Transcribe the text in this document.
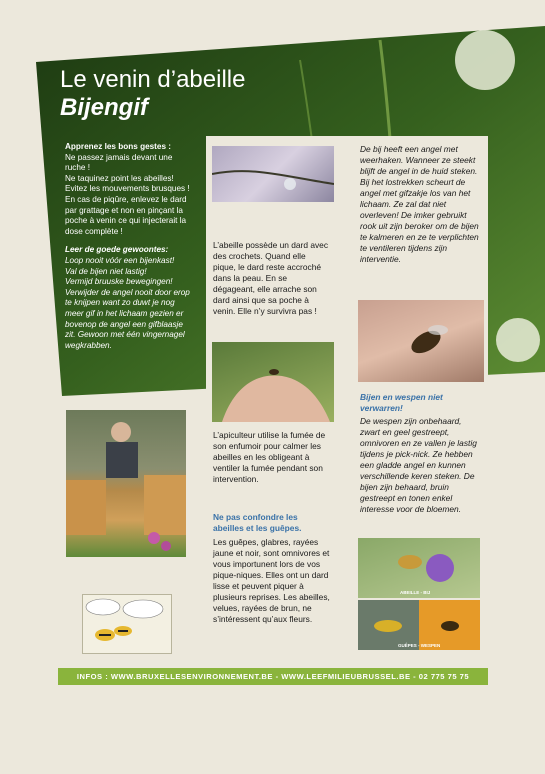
Le venin d’abeille
Bijengif

Apprenez les bons gestes :
Ne passez jamais devant une ruche !
Ne taquinez point les abeilles!
Evitez les mouvements brusques !
En cas de piqûre, enlevez le dard par grattage et non en pinçant la poche à venin ce qui injecterait la dose complète !

Leer de goede gewoontes:
Loop nooit vóór een bijenkast!
Val de bijen niet lastig!
Vermijd bruuske bewegingen!
Verwijder de angel nooit door erop te knijpen want zo duwt je nog meer gif in het lichaam gezien er bovenop de angel een gifblaasje zit. Gewoon met één vingernagel wegkrabben.

L’abeille possède un dard avec des crochets. Quand elle pique, le dard reste accroché dans la peau. En se dégageant, elle arrache son dard ainsi que sa poche à venin. Elle n’y survivra pas !
L’apiculteur utilise la fumée de son enfumoir pour calmer les abeilles en les obligeant à ventiler la fumée pendant son intervention.
Ne pas confondre les abeilles et les guêpes.
Les guêpes, glabres, rayées jaune et noir, sont omnivores et vous importunent lors de vos pique-niques. Elles ont un dard lisse et peuvent piquer à plusieurs reprises. Les abeilles, velues, rayées de brun, ne s’intéressent qu’aux fleurs.
De bij heeft een angel met weerhaken. Wanneer ze steekt blijft de angel in de huid steken. Bij het lostrekken scheurt de angel met gifzakje los van het lichaam. Ze zal dat niet overleven! De imker gebruikt rook uit zijn beroker om de bijen te kalmeren en ze te verplichten te ventileren tijdens zijn interventie.
Bijen en wespen niet verwarren!
De wespen zijn onbehaard, zwart en geel gestreept, omnivoren en ze vallen je lastig tijdens je pick-nick. Ze hebben een gladde angel en kunnen verschillende keren steken. De bijen zijn behaard, bruin gestreept en tonen enkel interesse voor de bloemen.
ABEILLE - BIJ
GUÊPES - WESPEN
INFOS : WWW.BRUXELLESENVIRONNEMENT.BE - WWW.LEEFMILIEUBRUSSEL.BE - 02 775 75 75
